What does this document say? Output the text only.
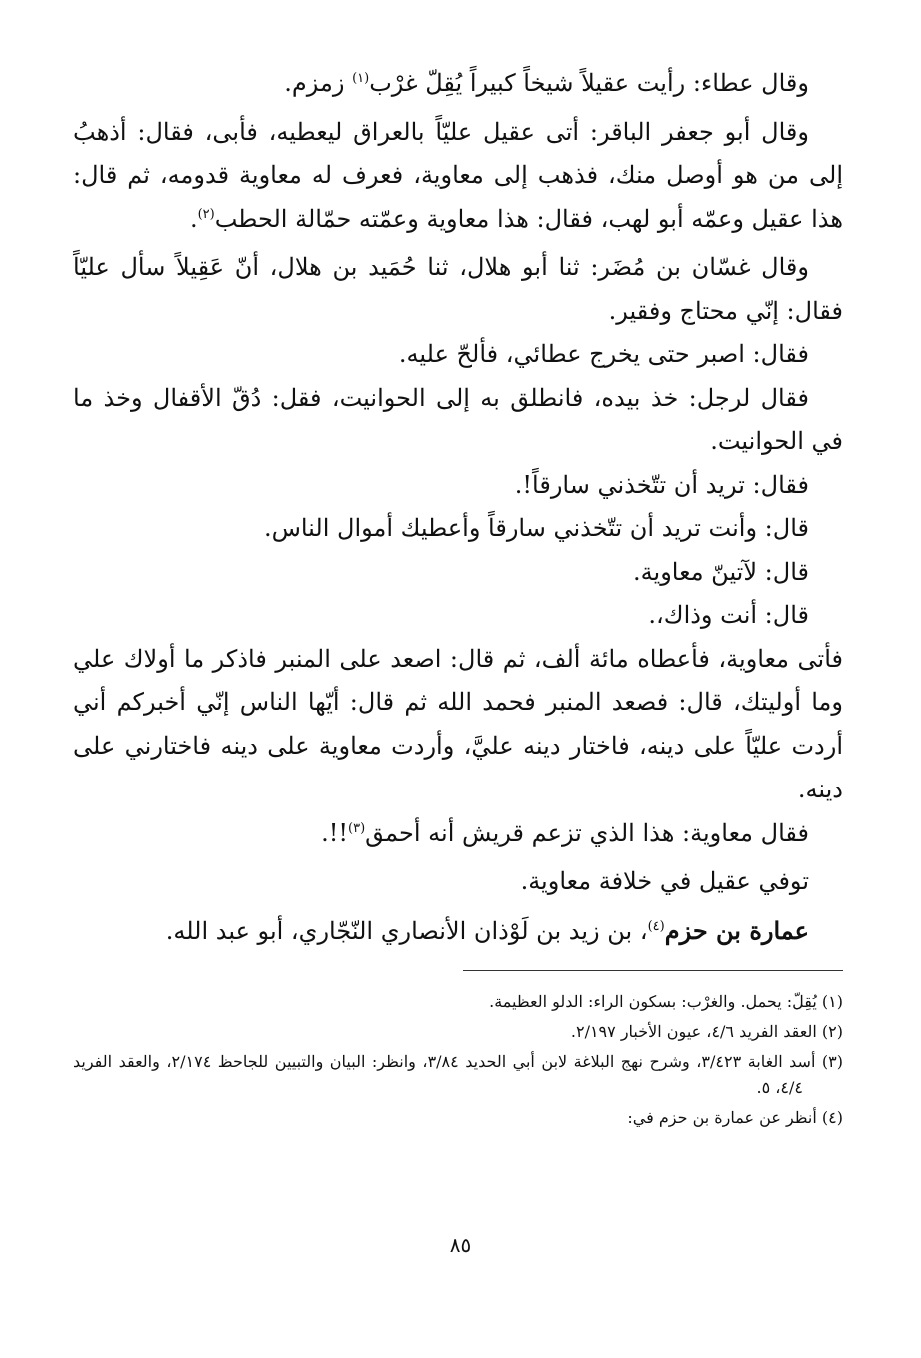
وقال عطاء: رأيت عقيلاً شيخاً كبيراً يُقِلّ غرْب$^{(١)}$ زمزم.

وقال أبو جعفر الباقر: أتى عقيل عليّاً بالعراق ليعطيه، فأبى، فقال: أذهبُ إلى من هو أوصل منك، فذهب إلى معاوية، فعرف له معاوية قدومه، ثم قال: هذا عقيل وعمّه أبو لهب، فقال: هذا معاوية وعمّته حمّالة الحطب$^{(٢)}$.

وقال غسّان بن مُضَر: ثنا أبو هلال، ثنا حُمَيد بن هلال، أنّ عَقِيلاً سأل عليّاً فقال: إنّي محتاج وفقير.

فقال: اصبر حتى يخرج عطائي، فألحّ عليه.

فقال لرجل: خذ بيده، فانطلق به إلى الحوانيت، فقل: دُقّ الأقفال وخذ ما في الحوانيت.

فقال: تريد أن تتّخذني سارقاً!.

قال: وأنت تريد أن تتّخذني سارقاً وأعطيك أموال الناس.

قال: لآتينّ معاوية.

قال: أنت وذاك،.

فأتى معاوية، فأعطاه مائة ألف، ثم قال: اصعد على المنبر فاذكر ما أولاك علي وما أوليتك، قال: فصعد المنبر فحمد الله ثم قال: أيّها الناس إنّي أخبركم أني أردت عليّاً على دينه، فاختار دينه عليَّ، وأردت معاوية على دينه فاختارني على دينه.

فقال معاوية: هذا الذي تزعم قريش أنه أحمق$^{(٣)}$!!.

توفي عقيل في خلافة معاوية.

عمارة بن حزم$^{(٤)}$، بن زيد بن لَوْذان الأنصاري النّجّاري، أبو عبد الله.

(١) يُقِلّ: يحمل. والغرْب: بسكون الراء: الدلو العظيمة.

(٢) العقد الفريد ٤/٦، عيون الأخبار ٢/١٩٧.

(٣) أسد الغابة ٣/٤٢٣، وشرح نهج البلاغة لابن أبي الحديد ٣/٨٤، وانظر: البيان والتبيين للجاحظ ٢/١٧٤، والعقد الفريد ٤/٤، ٥.

(٤) أنظر عن عمارة بن حزم في:

٨٥
